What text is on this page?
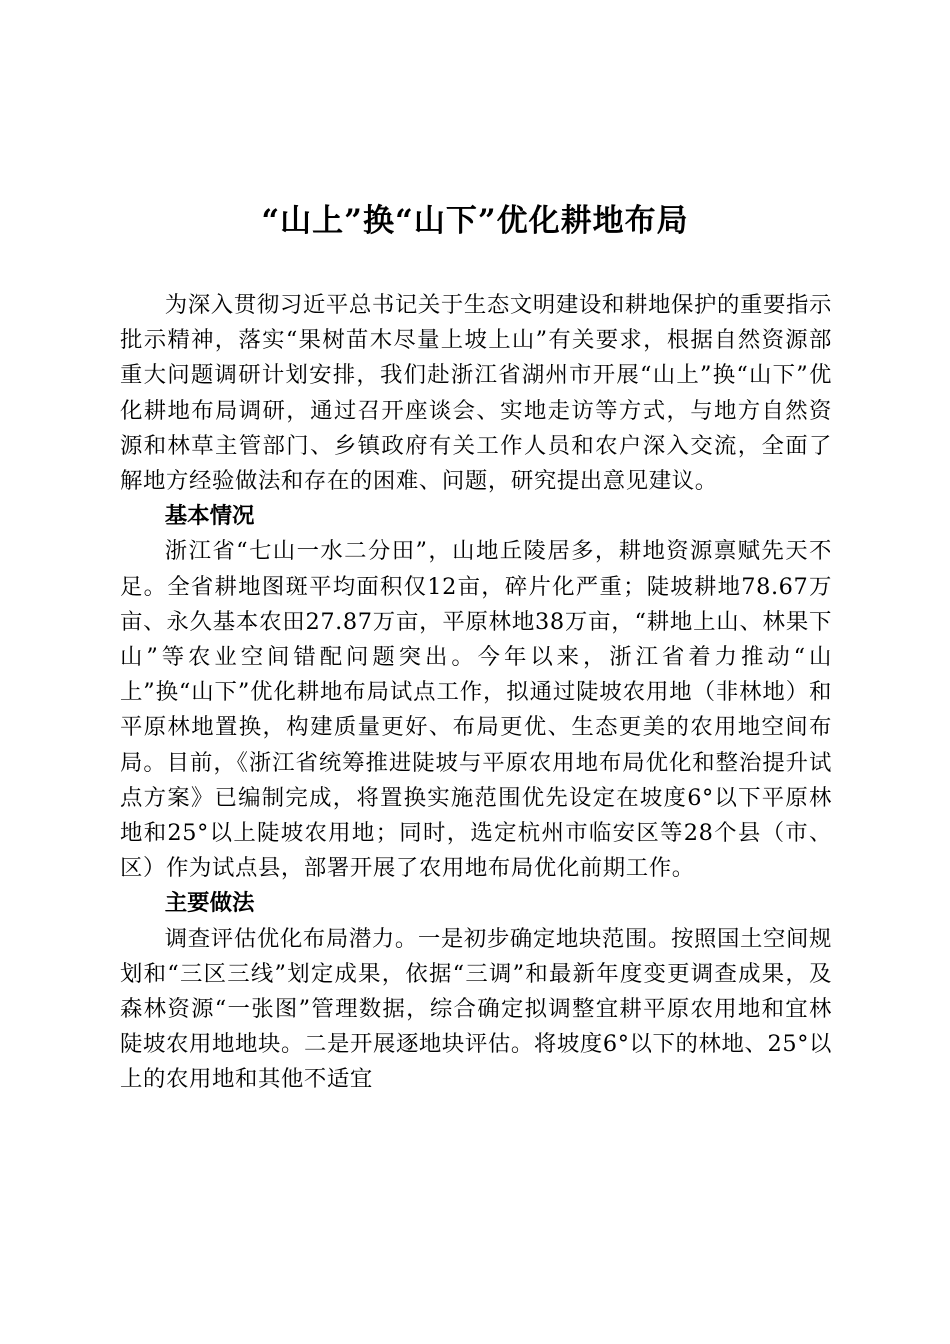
“山上”换“山下”优化耕地布局

为深入贯彻习近平总书记关于生态文明建设和耕地保护的重要指示批示精神，落实“果树苗木尽量上坡上山”有关要求，根据自然资源部重大问题调研计划安排，我们赴浙江省湖州市开展“山上”换“山下”优化耕地布局调研，通过召开座谈会、实地走访等方式，与地方自然资源和林草主管部门、乡镇政府有关工作人员和农户深入交流，全面了解地方经验做法和存在的困难、问题，研究提出意见建议。

基本情况

浙江省“七山一水二分田”，山地丘陵居多，耕地资源禀赋先天不足。全省耕地图斑平均面积仅12亩，碎片化严重；陡坡耕地78.67万亩、永久基本农田27.87万亩，平原林地38万亩，“耕地上山、林果下山”等农业空间错配问题突出。今年以来，浙江省着力推动“山上”换“山下”优化耕地布局试点工作，拟通过陡坡农用地（非林地）和平原林地置换，构建质量更好、布局更优、生态更美的农用地空间布局。目前，《浙江省统筹推进陡坡与平原农用地布局优化和整治提升试点方案》已编制完成，将置换实施范围优先设定在坡度6°以下平原林地和25°以上陡坡农用地；同时，选定杭州市临安区等28个县（市、区）作为试点县，部署开展了农用地布局优化前期工作。

主要做法

调查评估优化布局潜力。一是初步确定地块范围。按照国土空间规划和“三区三线”划定成果，依据“三调”和最新年度变更调查成果，及森林资源“一张图”管理数据，综合确定拟调整宜耕平原农用地和宜林陡坡农用地地块。二是开展逐地块评估。将坡度6°以下的林地、25°以上的农用地和其他不适宜
